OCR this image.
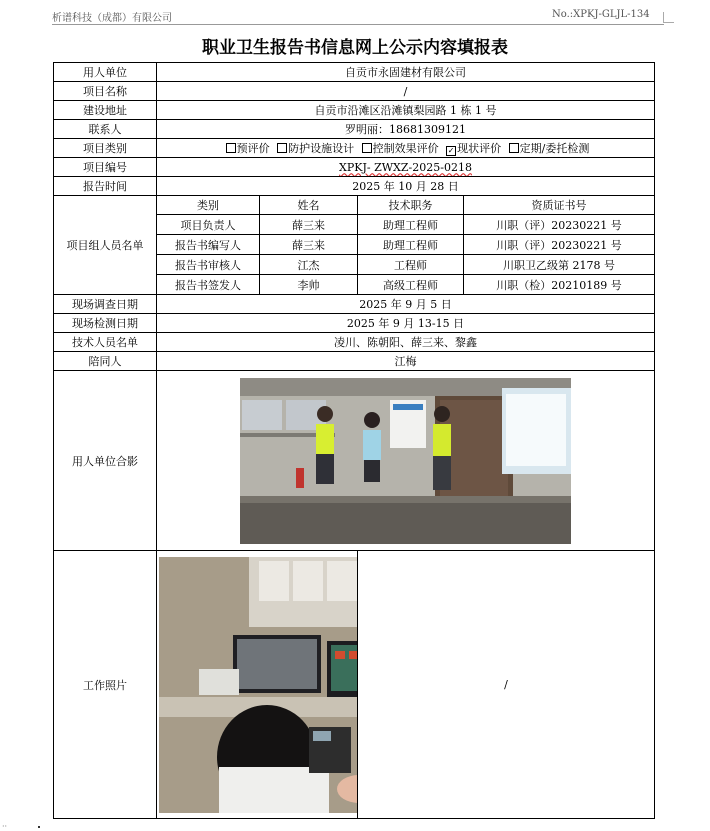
析谱科技（成都）有限公司	No.:XPKJ-GLJL-134
职业卫生报告书信息网上公示内容填报表
用人单位	自贡市永固建材有限公司			
项目名称	/			
建设地址	自贡市沿滩区沿滩镇梨园路 1 栋 1 号			
联系人	罗明丽：18681309121			
项目类别	预评价 防护设施设计 控制效果评价 ✓ 现状评价 定期/委托检测			
项目编号	XPKJ- ZWXZ-2025-0218			
报告时间	2025 年 10 月 28 日			
项目组人员名单	类别	姓名	技术职务	资质证书号
	项目负责人	薛三来	助理工程师	川职（评）20230221 号
	报告书编写人	薛三来	助理工程师	川职（评）20230221 号
	报告书审核人	江杰	工程师	川职卫乙级第 2178 号
	报告书签发人	李帅	高级工程师	川职（检）20210189 号
现场调查日期	2025 年 9 月 5 日			
现场检测日期	2025 年 9 月 13-15 日			
技术人员名单	凌川、陈朝阳、薛三来、黎鑫			
陪同人	江梅			
用人单位合影	

工作照片			/	
··
